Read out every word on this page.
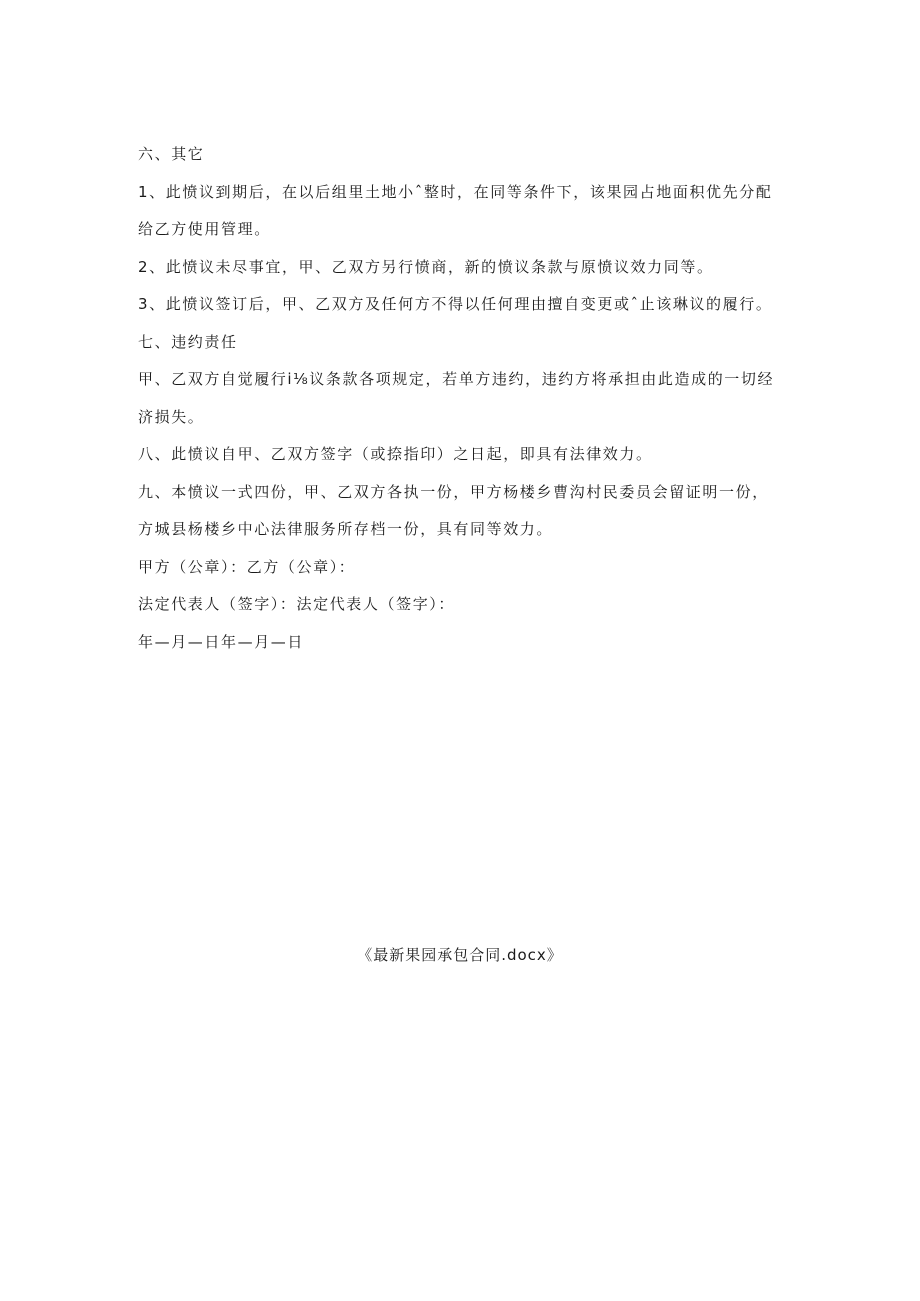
六、其它

1、此愤议到期后，在以后组里土地小ˆ整时，在同等条件下，该果园占地面积优先分配

给乙方使用管理。

2、此愤议未尽事宜，甲、乙双方另行愤商，新的愤议条款与原愤议效力同等。

3、此愤议签订后，甲、乙双方及任何方不得以任何理由擅自变更或ˆ止该琳议的履行。

七、违约责任

甲、乙双方自觉履行i⅛议条款各项规定，若单方违约，违约方将承担由此造成的一切经

济损失。

八、此愤议自甲、乙双方签字（或捺指印）之日起，即具有法律效力。

九、本愤议一式四份，甲、乙双方各执一份，甲方杨楼乡曹沟村民委员会留证明一份，

方城县杨楼乡中心法律服务所存档一份，具有同等效力。

甲方（公章）：乙方（公章）：

法定代表人（签字）：法定代表人（签字）：

年—月—日年—月—日

《最新果园承包合同.docx》
